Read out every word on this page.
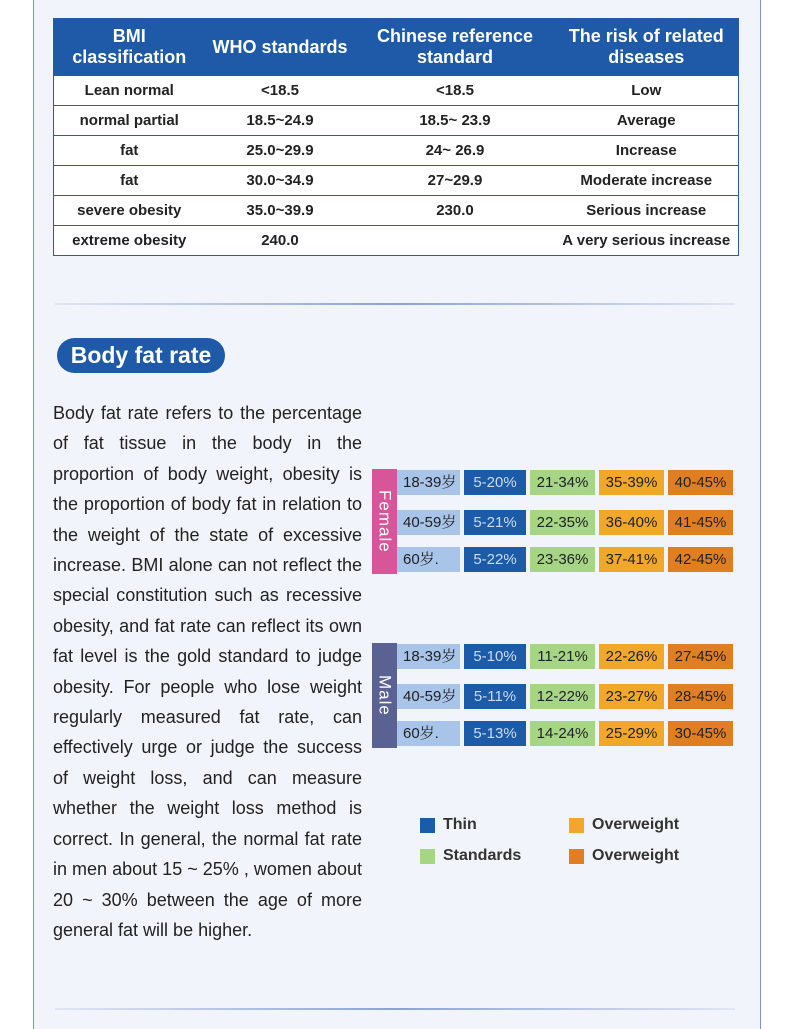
BMI classification	WHO standards	Chinese reference standard	The risk of related diseases
Lean normal	<18.5	<18.5	Low
normal partial	18.5~24.9	18.5~ 23.9	Average
fat	25.0~29.9	24~ 26.9	Increase
fat	30.0~34.9	27~29.9	Moderate increase
severe obesity	35.0~39.9	230.0	Serious increase
extreme obesity	240.0		A very serious increase
Body fat rate

Body fat rate refers to the percentage of fat tissue in the body in the proportion of body weight, obesity is the proportion of body fat in relation to the weight of the state of excessive increase. BMI alone can not reflect the special constitution such as recessive obesity, and fat rate can reflect its own fat level is the gold standard to judge obesity. For people who lose weight regularly measured fat rate, can effectively urge or judge the success of weight loss, and can measure whether the weight loss method is correct. In general, the normal fat rate in men about 15 ~ 25% , women about 20 ~ 30% between the age of more general fat will be higher.

Female
18-39岁	5-20%	21-34%	35-39%	40-45%
40-59岁	5-21%	22-35%	36-40%	41-45%
60岁.	5-22%	23-36%	37-41%	42-45%
Male
18-39岁	5-10%	11-21%	22-26%	27-45%
40-59岁	5-11%	12-22%	23-27%	28-45%
60岁.	5-13%	14-24%	25-29%	30-45%
Thin
Standards
Overweight
Overweight
